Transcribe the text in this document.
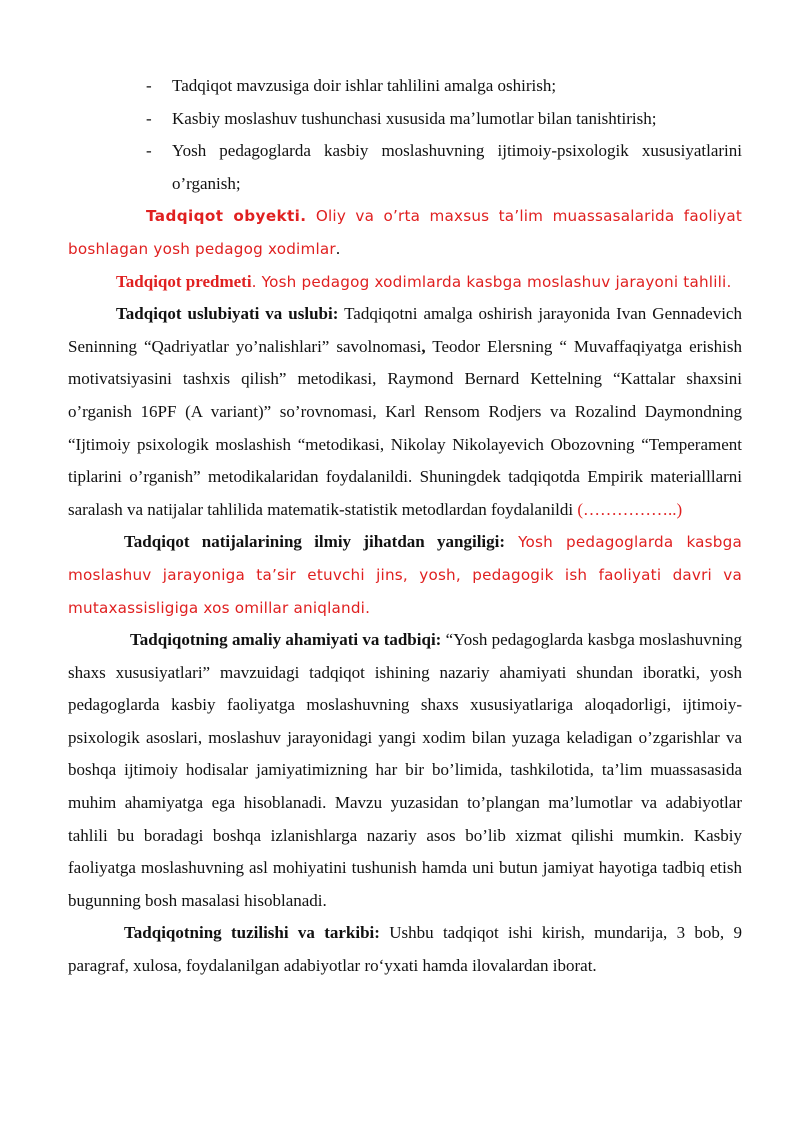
- Tadqiqot mavzusiga doir ishlar tahlilini amalga oshirish;

- Kasbiy moslashuv tushunchasi xususida maʼlumotlar bilan tanishtirish;

- Yosh pedagoglarda kasbiy moslashuvning ijtimoiy-psixologik xususiyatlarini o’rganish;

Tadqiqot obyekti. Oliy va o’rta maxsus ta’lim muassasalarida faoliyat boshlagan yosh pedagog xodimlar.

Tadqiqot predmeti. Yosh pedagog xodimlarda kasbga moslashuv jarayoni tahlili.

Tadqiqot uslubiyati va uslubi: Tadqiqotni amalga oshirish jarayonida Ivan Gennadevich Seninning “Qadriyatlar yo’nalishlari” savolnomasi, Teodor Elersning “ Muvaffaqiyatga erishish motivatsiyasini tashxis qilish” metodikasi, Raymond Bernard Kettelning “Kattalar shaxsini o’rganish 16PF (A variant)” so’rovnomasi, Karl Rensom Rodjers va Rozalind Daymondning “Ijtimoiy psixologik moslashish “metodikasi, Nikolay Nikolayevich Obozovning “Temperament tiplarini o’rganish” metodikalaridan foydalanildi. Shuningdek tadqiqotda Empirik materialllarni saralash va natijalar tahlilida matematik-statistik metodlardan foydalanildi (……………..)

Tadqiqot natijalarining ilmiy jihatdan yangiligi: Yosh pedagoglarda kasbga moslashuv jarayoniga ta’sir etuvchi jins, yosh, pedagogik ish faoliyati davri va mutaxassisligiga xos omillar aniqlandi.

Tadqiqotning amaliy ahamiyati va tadbiqi: “Yosh pedagoglarda kasbga moslashuvning shaxs xususiyatlari” mavzuidagi tadqiqot ishining nazariy ahamiyati shundan iboratki, yosh pedagoglarda kasbiy faoliyatga moslashuvning shaxs xususiyatlariga aloqadorligi, ijtimoiy- psixologik asoslari, moslashuv jarayonidagi yangi xodim bilan yuzaga keladigan o’zgarishlar va boshqa ijtimoiy hodisalar jamiyatimizning har bir bo’limida, tashkilotida, ta’lim muassasasida muhim ahamiyatga ega hisoblanadi. Mavzu yuzasidan to’plangan ma’lumotlar va adabiyotlar tahlili bu boradagi boshqa izlanishlarga nazariy asos bo’lib xizmat qilishi mumkin. Kasbiy faoliyatga moslashuvning asl mohiyatini tushunish hamda uni butun jamiyat hayotiga tadbiq etish bugunning bosh masalasi hisoblanadi.

Tadqiqotning tuzilishi va tarkibi: Ushbu tadqiqot ishi kirish, mundarija, 3 bob, 9 paragraf, xulosa, foydalanilgan adabiyotlar ro‘yxati hamda ilovalardan iborat.
